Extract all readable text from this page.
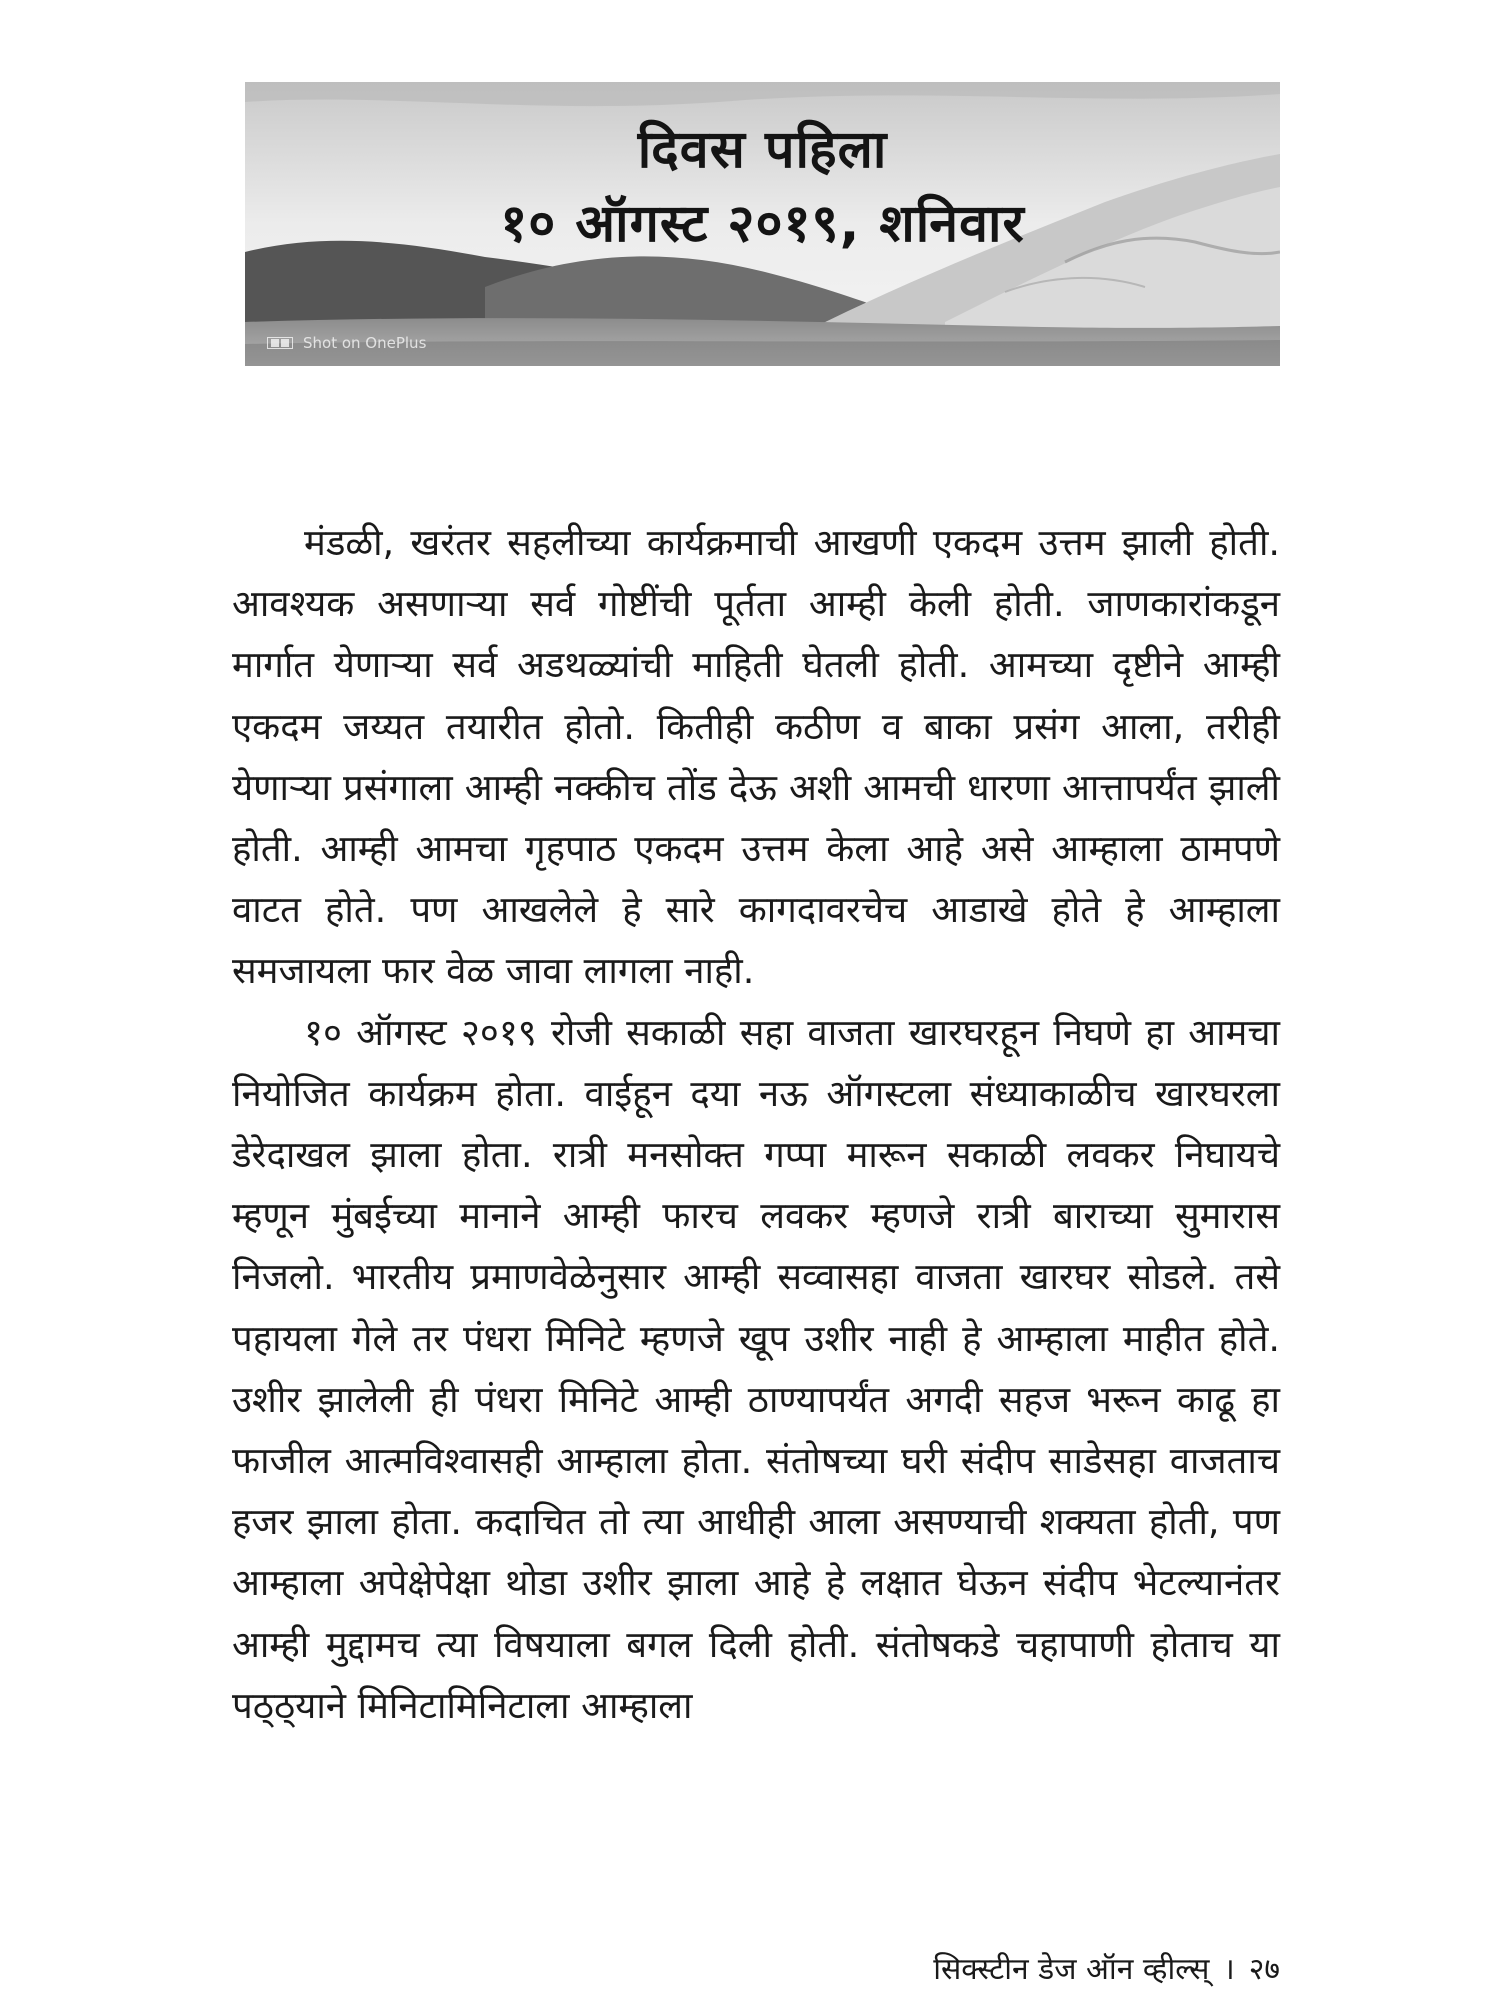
दिवस पहिला
१० ऑगस्ट २०१९, शनिवार
Shot on OnePlus

मंडळी, खरंतर सहलीच्या कार्यक्रमाची आखणी एकदम उत्तम झाली होती. आवश्यक असणाऱ्या सर्व गोष्टींची पूर्तता आम्ही केली होती. जाणकारांकडून मार्गात येणाऱ्या सर्व अडथळ्यांची माहिती घेतली होती. आमच्या दृष्टीने आम्ही एकदम जय्यत तयारीत होतो. कितीही कठीण व बाका प्रसंग आला, तरीही येणाऱ्या प्रसंगाला आम्ही नक्कीच तोंड देऊ अशी आमची धारणा आत्तापर्यंत झाली होती. आम्ही आमचा गृहपाठ एकदम उत्तम केला आहे असे आम्हाला ठामपणे वाटत होते. पण आखलेले हे सारे कागदावरचेच आडाखे होते हे आम्हाला समजायला फार वेळ जावा लागला नाही.

१० ऑगस्ट २०१९ रोजी सकाळी सहा वाजता खारघरहून निघणे हा आमचा नियोजित कार्यक्रम होता. वाईहून दया नऊ ऑगस्टला संध्याकाळीच खारघरला डेरेदाखल झाला होता. रात्री मनसोक्त गप्पा मारून सकाळी लवकर निघायचे म्हणून मुंबईच्या मानाने आम्ही फारच लवकर म्हणजे रात्री बाराच्या सुमारास निजलो. भारतीय प्रमाणवेळेनुसार आम्ही सव्वासहा वाजता खारघर सोडले. तसे पहायला गेले तर पंधरा मिनिटे म्हणजे खूप उशीर नाही हे आम्हाला माहीत होते. उशीर झालेली ही पंधरा मिनिटे आम्ही ठाण्यापर्यंत अगदी सहज भरून काढू हा फाजील आत्मविश्वासही आम्हाला होता. संतोषच्या घरी संदीप साडेसहा वाजताच हजर झाला होता. कदाचित तो त्या आधीही आला असण्याची शक्यता होती, पण आम्हाला अपेक्षेपेक्षा थोडा उशीर झाला आहे हे लक्षात घेऊन संदीप भेटल्यानंतर आम्ही मुद्दामच त्या विषयाला बगल दिली होती. संतोषकडे चहापाणी होताच या पठ्ठ्याने मिनिटामिनिटाला आम्हाला

सिक्स्टीन डेज ऑन व्हील्स् । २७
